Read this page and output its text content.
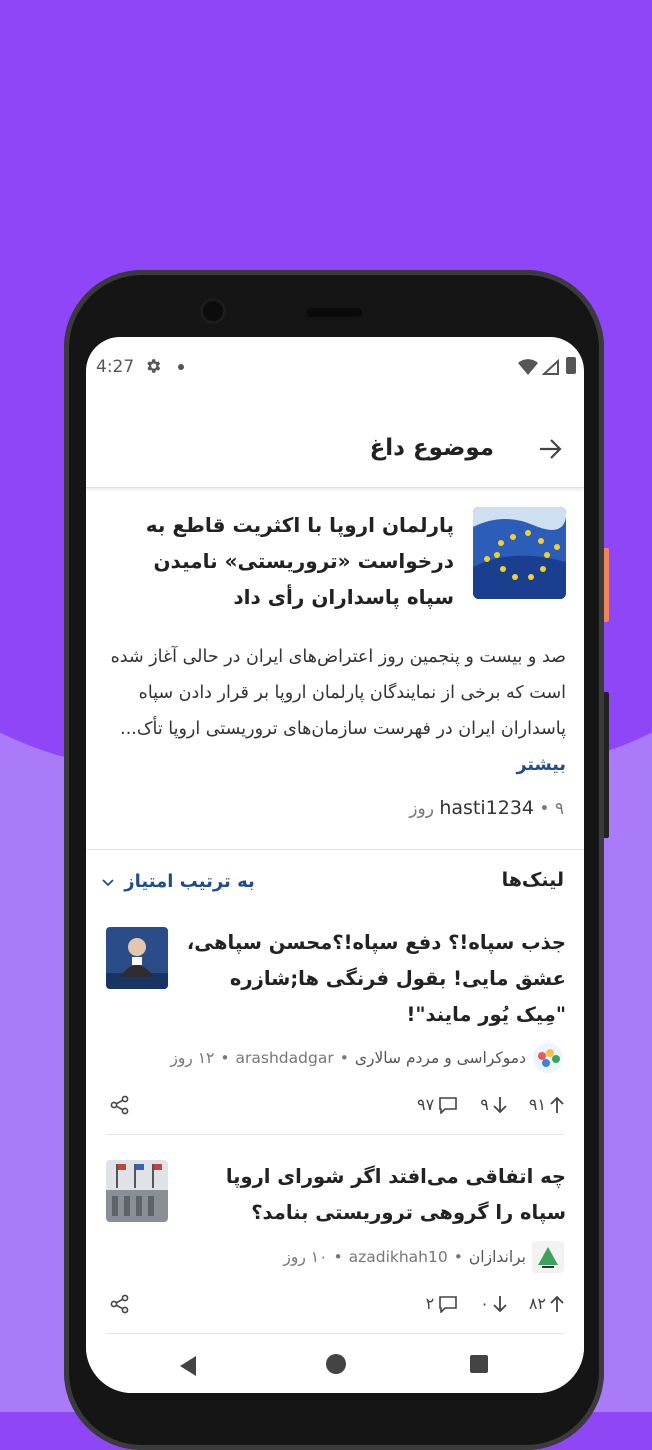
4:27
موضوع داغ
پارلمان اروپا با اکثریت قاطع به درخواست «تروریستی» نامیدن سپاه پاسداران رأی داد
صد و بیست و پنجمین روز اعتراض‌های ایران در حالی آغاز شده است که برخی از نمایندگان پارلمان اروپا بر قرار دادن سپاه پاسداران ایران در فهرست سازمان‌های تروریستی اروپا تأک... بیشتر
hasti1234 • ۹ روز
لینک‌ها
به ترتیب امتیاز
جذب سپاه!؟ دفع سپاه!؟محسن سپاهی، عشق مایی! بقول فرنگی ها;شازره "مِیک یُور مایند"!
دموکراسی و مردم سالاری
•
arashdadgar
•
۱۲ روز
۹۷	۹	۹۱
چه اتفاقی می‌افتد اگر شورای اروپا سپاه را گروهی تروریستی بنامد؟
براندازان
•
azadikhah10
•
۱۰ روز
۲	۰	۸۲
